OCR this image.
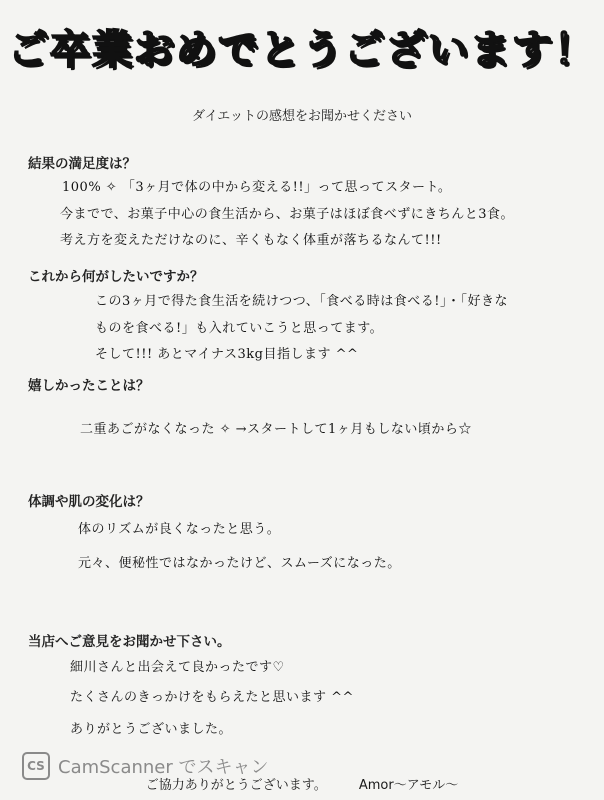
ご卒業おめでとうございます！
ダイエットの感想をお聞かせください
結果の満足度は？
100% ✧ 「3ヶ月で体の中から変える!!」って思ってスタート。
今までで、お菓子中心の食生活から、お菓子はほぼ食べずにきちんと3食。
考え方を変えただけなのに、辛くもなく体重が落ちるなんて!!!
これから何がしたいですか？
この3ヶ月で得た食生活を続けつつ、「食べる時は食べる!」・「好きな
ものを食べる!」も入れていこうと思ってます。
そして!!! あとマイナス3kg目指します ^^
嬉しかったことは？
二重あごがなくなった ✧ →スタートして1ヶ月もしない頃から☆
体調や肌の変化は？
体のリズムが良くなったと思う。
元々、便秘性ではなかったけど、スムーズになった。
当店へご意見をお聞かせ下さい。
細川さんと出会えて良かったです♡
たくさんのきっかけをもらえたと思います ^^
ありがとうございました。
CS CamScanner でスキャン
ご協力ありがとうございます。 Amor～アモル～
